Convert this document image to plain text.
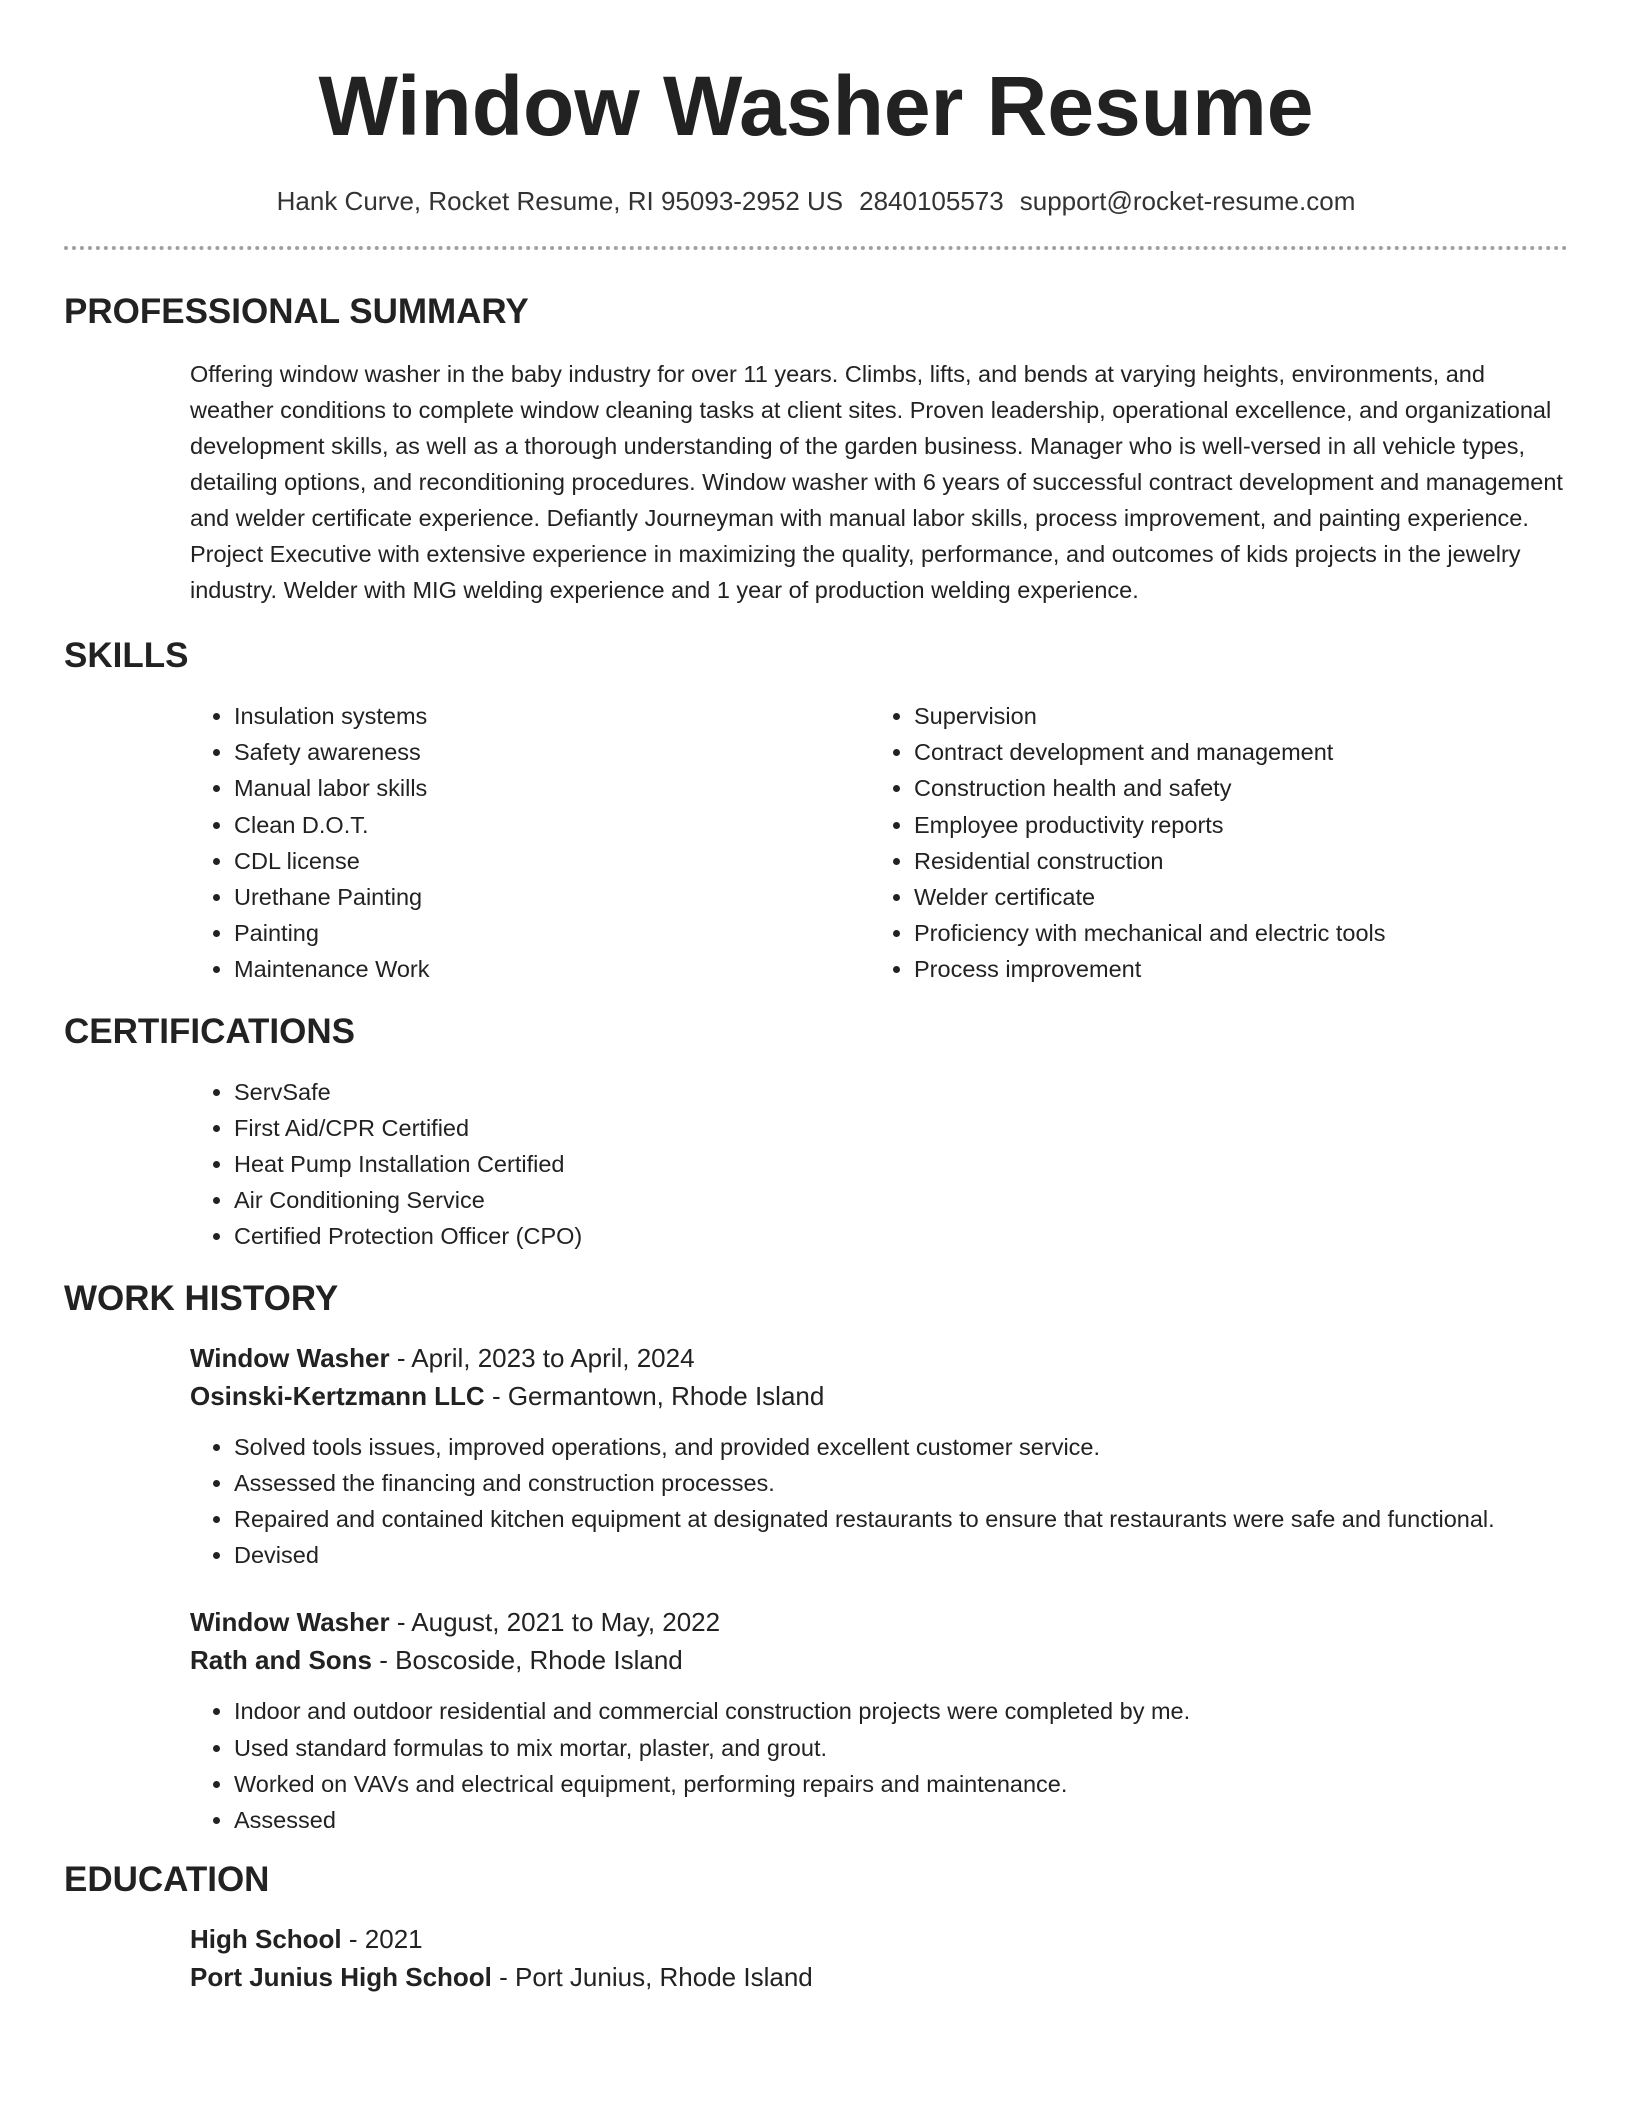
Window Washer Resume
Hank Curve, Rocket Resume, RI 95093-2952 US 2840105573 support@rocket-resume.com
PROFESSIONAL SUMMARY

Offering window washer in the baby industry for over 11 years. Climbs, lifts, and bends at varying heights, environments, and weather conditions to complete window cleaning tasks at client sites. Proven leadership, operational excellence, and organizational development skills, as well as a thorough understanding of the garden business. Manager who is well-versed in all vehicle types, detailing options, and reconditioning procedures. Window washer with 6 years of successful contract development and management and welder certificate experience. Defiantly Journeyman with manual labor skills, process improvement, and painting experience. Project Executive with extensive experience in maximizing the quality, performance, and outcomes of kids projects in the jewelry industry. Welder with MIG welding experience and 1 year of production welding experience.

SKILLS
• Insulation systems
• Safety awareness
• Manual labor skills
• Clean D.O.T.
• CDL license
• Urethane Painting
• Painting
• Maintenance Work
• Supervision
• Contract development and management
• Construction health and safety
• Employee productivity reports
• Residential construction
• Welder certificate
• Proficiency with mechanical and electric tools
• Process improvement
CERTIFICATIONS
• ServSafe
• First Aid/CPR Certified
• Heat Pump Installation Certified
• Air Conditioning Service
• Certified Protection Officer (CPO)
WORK HISTORY
Window Washer - April, 2023 to April, 2024
Osinski-Kertzmann LLC - Germantown, Rhode Island
• Solved tools issues, improved operations, and provided excellent customer service.
• Assessed the financing and construction processes.
• Repaired and contained kitchen equipment at designated restaurants to ensure that restaurants were safe and functional.
• Devised
Window Washer - August, 2021 to May, 2022
Rath and Sons - Boscoside, Rhode Island
• Indoor and outdoor residential and commercial construction projects were completed by me.
• Used standard formulas to mix mortar, plaster, and grout.
• Worked on VAVs and electrical equipment, performing repairs and maintenance.
• Assessed
EDUCATION
High School - 2021
Port Junius High School - Port Junius, Rhode Island
